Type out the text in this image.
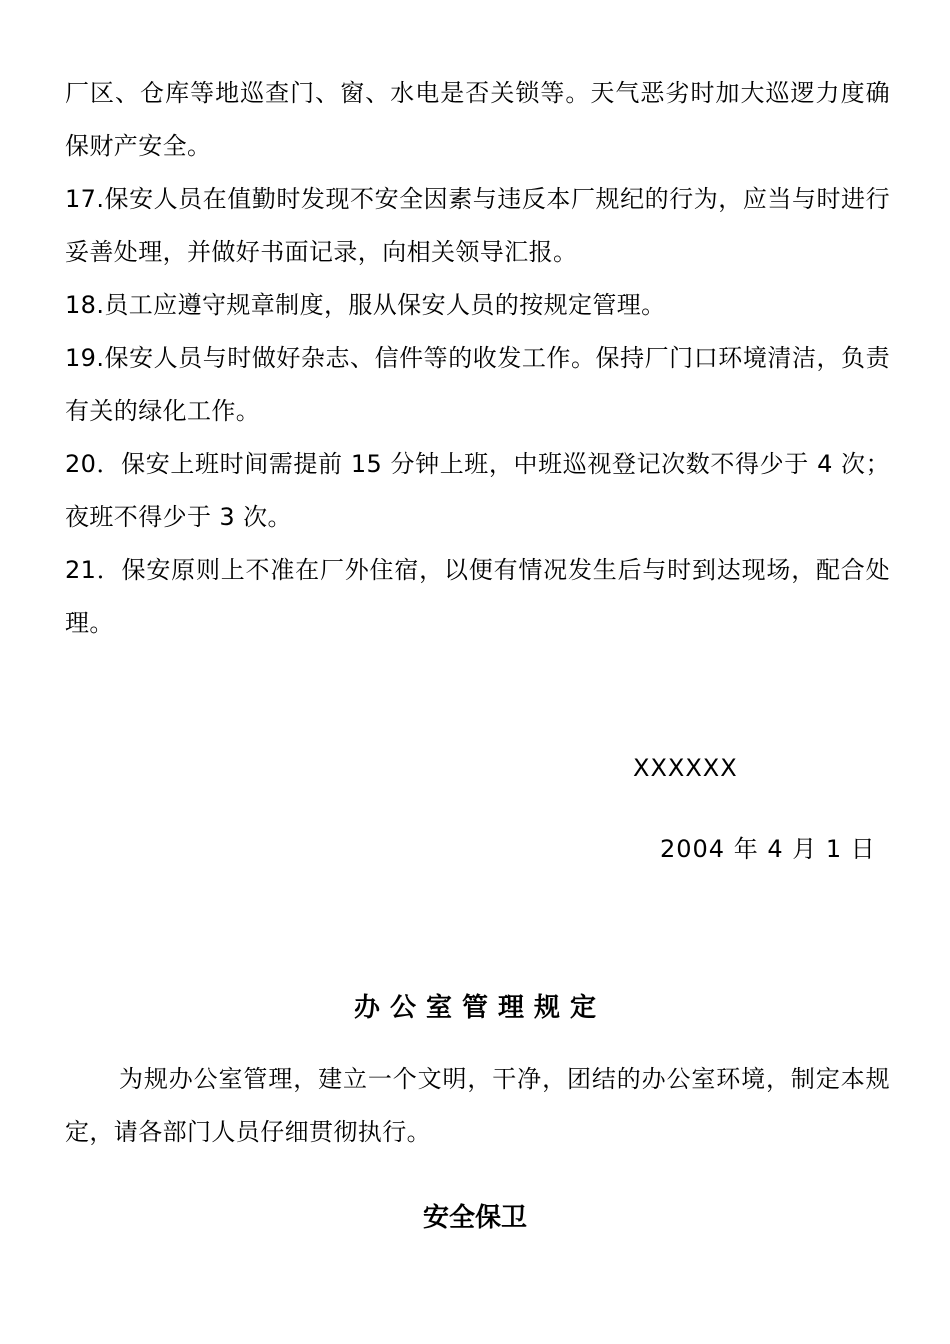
厂区、仓库等地巡查门、窗、水电是否关锁等。天气恶劣时加大巡逻力度确保财产安全。

17.保安人员在值勤时发现不安全因素与违反本厂规纪的行为，应当与时进行妥善处理，并做好书面记录，向相关领导汇报。

18.员工应遵守规章制度，服从保安人员的按规定管理。

19.保安人员与时做好杂志、信件等的收发工作。保持厂门口环境清洁，负责有关的绿化工作。

20．保安上班时间需提前 15 分钟上班，中班巡视登记次数不得少于 4 次；夜班不得少于 3 次。

21．保安原则上不准在厂外住宿，以便有情况发生后与时到达现场，配合处理。

XXXXXX

2004 年 4 月 1 日

办公室管理规定

为规办公室管理，建立一个文明，干净，团结的办公室环境，制定本规定，请各部门人员仔细贯彻执行。

安全保卫
